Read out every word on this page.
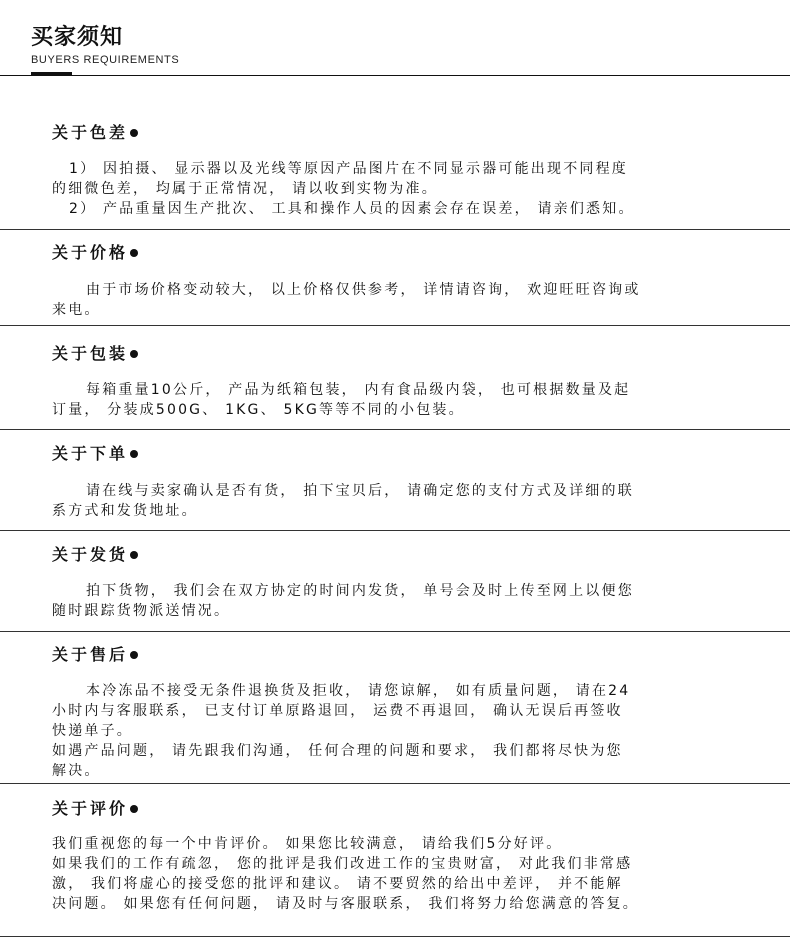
买家须知
BUYERS REQUIREMENTS
关于色差

1） 因拍摄、 显示器以及光线等原因产品图片在不同显示器可能出现不同程度

的细微色差， 均属于正常情况， 请以收到实物为准。

2） 产品重量因生产批次、 工具和操作人员的因素会存在误差， 请亲们悉知。

关于价格

由于市场价格变动较大， 以上价格仅供参考， 详情请咨询， 欢迎旺旺咨询或

来电。

关于包装

每箱重量10公斤， 产品为纸箱包装， 内有食品级内袋， 也可根据数量及起

订量， 分装成500G、 1KG、 5KG等等不同的小包装。

关于下单

请在线与卖家确认是否有货， 拍下宝贝后， 请确定您的支付方式及详细的联

系方式和发货地址。

关于发货

拍下货物， 我们会在双方协定的时间内发货， 单号会及时上传至网上以便您

随时跟踪货物派送情况。

关于售后

本冷冻品不接受无条件退换货及拒收， 请您谅解， 如有质量问题， 请在24

小时内与客服联系， 已支付订单原路退回， 运费不再退回， 确认无误后再签收

快递单子。

如遇产品问题， 请先跟我们沟通， 任何合理的问题和要求， 我们都将尽快为您

解决。

关于评价

我们重视您的每一个中肯评价。 如果您比较满意， 请给我们5分好评。

如果我们的工作有疏忽， 您的批评是我们改进工作的宝贵财富， 对此我们非常感

激， 我们将虚心的接受您的批评和建议。 请不要贸然的给出中差评， 并不能解

决问题。 如果您有任何问题， 请及时与客服联系， 我们将努力给您满意的答复。
